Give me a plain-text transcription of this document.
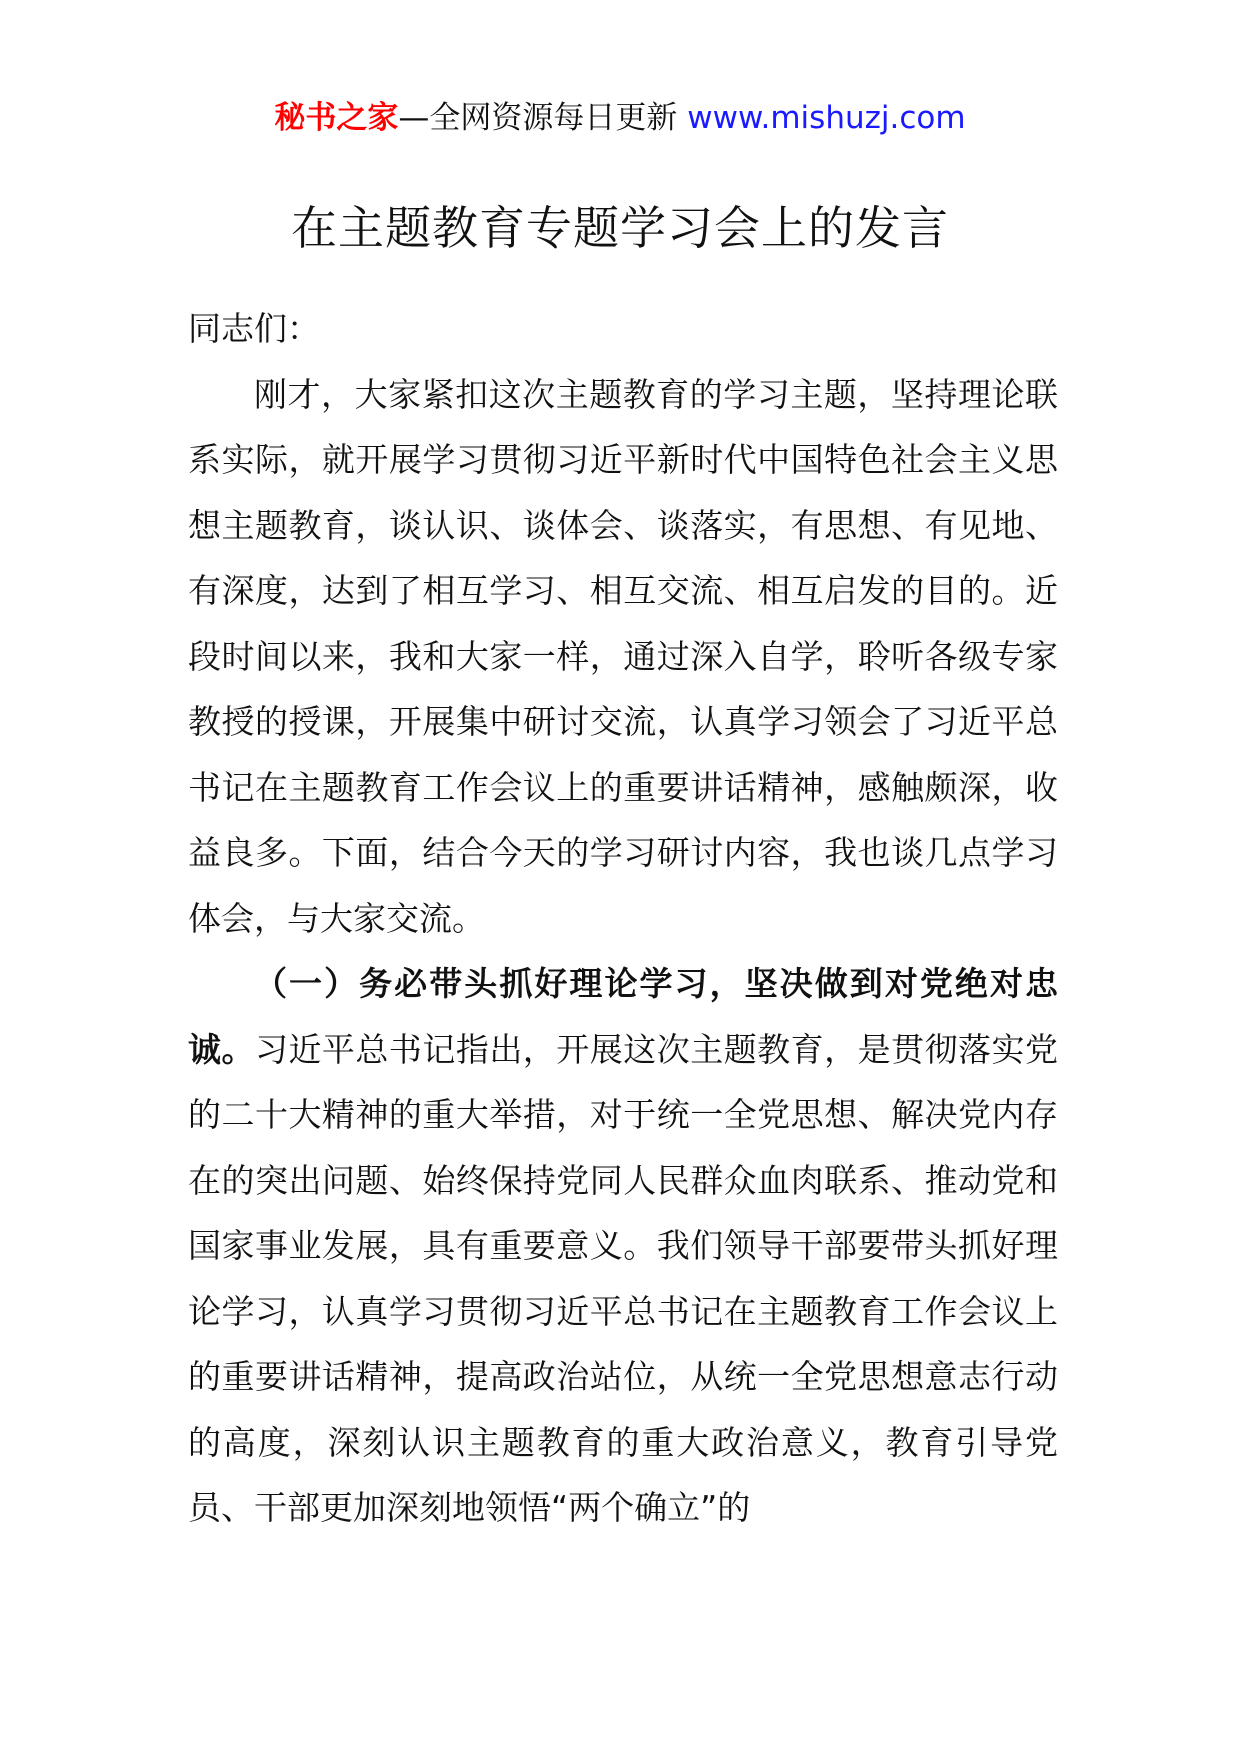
秘书之家—全网资源每日更新 www.mishuzj.com
在主题教育专题学习会上的发言

同志们：

刚才，大家紧扣这次主题教育的学习主题，坚持理论联系实际，就开展学习贯彻习近平新时代中国特色社会主义思想主题教育，谈认识、谈体会、谈落实，有思想、有见地、有深度，达到了相互学习、相互交流、相互启发的目的。近段时间以来，我和大家一样，通过深入自学，聆听各级专家教授的授课，开展集中研讨交流，认真学习领会了习近平总书记在主题教育工作会议上的重要讲话精神，感触颇深，收益良多。下面，结合今天的学习研讨内容，我也谈几点学习体会，与大家交流。

（一）务必带头抓好理论学习，坚决做到对党绝对忠诚。习近平总书记指出，开展这次主题教育，是贯彻落实党的二十大精神的重大举措，对于统一全党思想、解决党内存在的突出问题、始终保持党同人民群众血肉联系、推动党和国家事业发展，具有重要意义。我们领导干部要带头抓好理论学习，认真学习贯彻习近平总书记在主题教育工作会议上的重要讲话精神，提高政治站位，从统一全党思想意志行动的高度，深刻认识主题教育的重大政治意义，教育引导党员、干部更加深刻地领悟“两个确立”的
